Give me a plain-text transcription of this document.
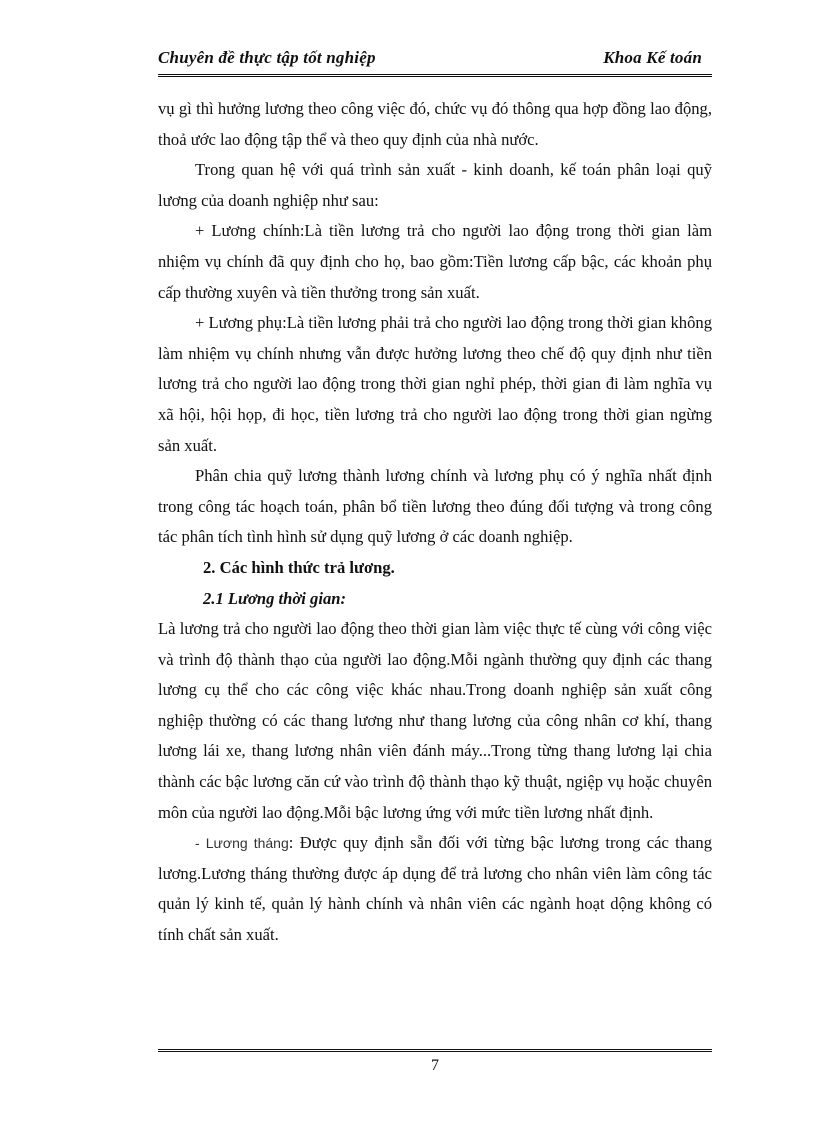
Chuyên đề thực tập tốt nghiệp	Khoa Kế toán

vụ gì thì hưởng lương theo công việc đó, chức vụ đó thông qua hợp đồng lao động, thoả ước lao động tập thể và theo quy định của nhà nước.

Trong quan hệ với quá trình sản xuất - kinh doanh, kế toán phân loại quỹ lương của doanh nghiệp như sau:

+ Lương chính:Là tiền lương trả cho người lao động trong thời gian làm nhiệm vụ chính đã quy định cho họ, bao gồm:Tiền lương cấp bậc, các khoản phụ cấp thường xuyên và tiền thưởng trong sản xuất.

+ Lương phụ:Là tiền lương phải trả cho người lao động trong thời gian không làm nhiệm vụ chính nhưng vẫn được hưởng lương theo chế độ quy định như tiền lương trả cho người lao động trong thời gian nghỉ phép, thời gian đi làm nghĩa vụ xã hội, hội họp, đi học, tiền lương trả cho người lao động trong thời gian ngừng sản xuất.

Phân chia quỹ lương thành lương chính và lương phụ có ý nghĩa nhất định trong công tác hoạch toán, phân bổ tiền lương theo đúng đối tượng và trong công tác phân tích tình hình sử dụng quỹ lương ở các doanh nghiệp.

2. Các hình thức trả lương.

2.1 Lương thời gian:

Là lương trả cho người lao động theo thời gian làm việc thực tế cùng với công việc và trình độ thành thạo của người lao động.Mỗi ngành thường quy định các thang lương cụ thể cho các công việc khác nhau.Trong doanh nghiệp sản xuất công nghiệp thường có các thang lương như thang lương của công nhân cơ khí, thang lương lái xe, thang lương nhân viên đánh máy...Trong từng thang lương lại chia thành các bậc lương căn cứ vào trình độ thành thạo kỹ thuật, ngiệp vụ hoặc chuyên môn của người lao động.Mỗi bậc lương ứng với mức tiền lương nhất định.

- Lương tháng: Được quy định sẵn đối với từng bậc lương trong các thang lương.Lương tháng thường được áp dụng để trả lương cho nhân viên làm công tác quản lý kinh tế, quản lý hành chính và nhân viên các ngành hoạt dộng không có tính chất sản xuất.

7
